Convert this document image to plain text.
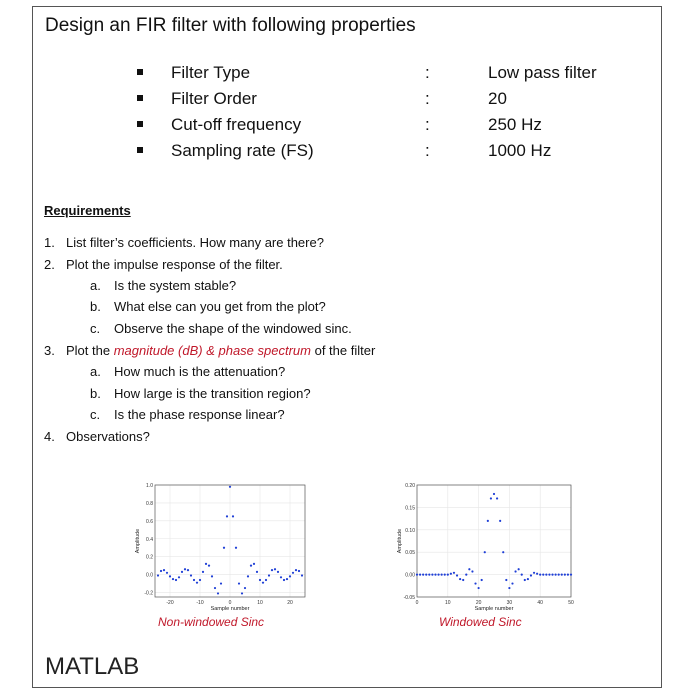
Design an FIR filter with following properties
Filter Type	:	Low pass filter
Filter Order	:	20
Cut-off frequency	:	250 Hz
Sampling rate (FS)	:	1000 Hz
Requirements
1. List filter’s coefficients. How many are there?
2. Plot the impulse response of the filter.
a. Is the system stable?
b. What else can you get from the plot?
c. Observe the shape of the windowed sinc.
3. Plot the magnitude (dB) & phase spectrum of the filter
a. How much is the attenuation?
b. How large is the transition region?
c. Is the phase response linear?
4. Observations?
-20	-10	0	10	20
1.0
0.8
0.6
0.4
0.2
0.0
-0.2
Sample number
Amplitude
Non-windowed Sinc
0	10	20	30	40	50
0.20
0.15
0.10
0.05
0.00
-0.05
Sample number
Amplitude
Windowed Sinc
MATLAB
